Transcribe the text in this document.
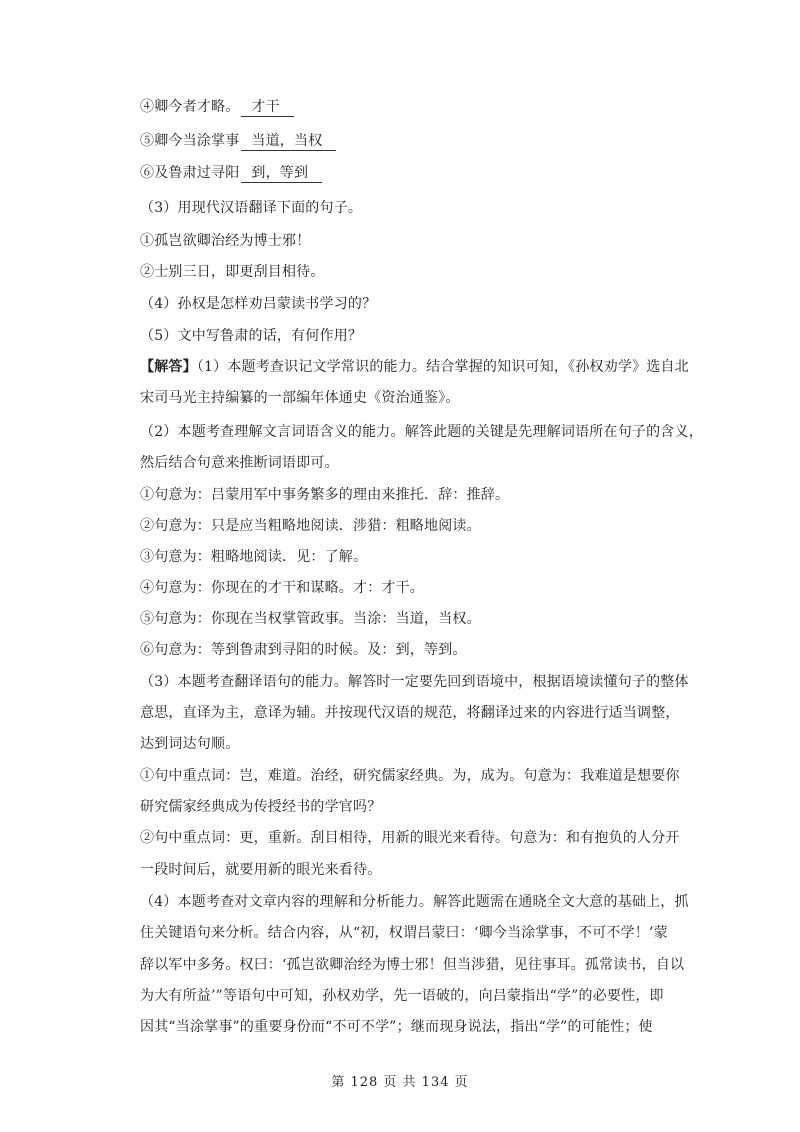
④卿今者才略。 才干
⑤卿今当涂掌事 当道，当权
⑥及鲁肃过寻阳 到，等到
（3）用现代汉语翻译下面的句子。
①孤岂欲卿治经为博士邪！
②士别三日，即更刮目相待。
（4）孙权是怎样劝吕蒙读书学习的？
（5）文中写鲁肃的话，有何作用？
【解答】（1）本题考查识记文学常识的能力。结合掌握的知识可知，《孙权劝学》选自北
宋司马光主持编纂的一部编年体通史《资治通鉴》。
（2）本题考查理解文言词语含义的能力。解答此题的关键是先理解词语所在句子的含义，
然后结合句意来推断词语即可。
①句意为：吕蒙用军中事务繁多的理由来推托．辞：推辞。
②句意为：只是应当粗略地阅读．涉猎：粗略地阅读。
③句意为：粗略地阅读．见：了解。
④句意为：你现在的才干和谋略。才：才干。
⑤句意为：你现在当权掌管政事。当涂：当道，当权。
⑥句意为：等到鲁肃到寻阳的时候。及：到，等到。
（3）本题考查翻译语句的能力。解答时一定要先回到语境中，根据语境读懂句子的整体
意思，直译为主，意译为辅。并按现代汉语的规范，将翻译过来的内容进行适当调整，
达到词达句顺。
①句中重点词：岂，难道。治经，研究儒家经典。为，成为。句意为：我难道是想要你
研究儒家经典成为传授经书的学官吗？
②句中重点词：更，重新。刮目相待，用新的眼光来看待。句意为：和有抱负的人分开
一段时间后，就要用新的眼光来看待。
（4）本题考查对文章内容的理解和分析能力。解答此题需在通晓全文大意的基础上，抓
住关键语句来分析。结合内容，从“初，权谓吕蒙曰：‘卿今当涂掌事，不可不学！’蒙
辞以军中多务。权曰：‘孤岂欲卿治经为博士邪！但当涉猎，见往事耳。孤常读书，自以
为大有所益’”等语句中可知，孙权劝学，先一语破的，向吕蒙指出“学”的必要性，即
因其“当涂掌事”的重要身份而“不可不学”；继而现身说法，指出“学”的可能性；使
第 128 页 共 134 页
